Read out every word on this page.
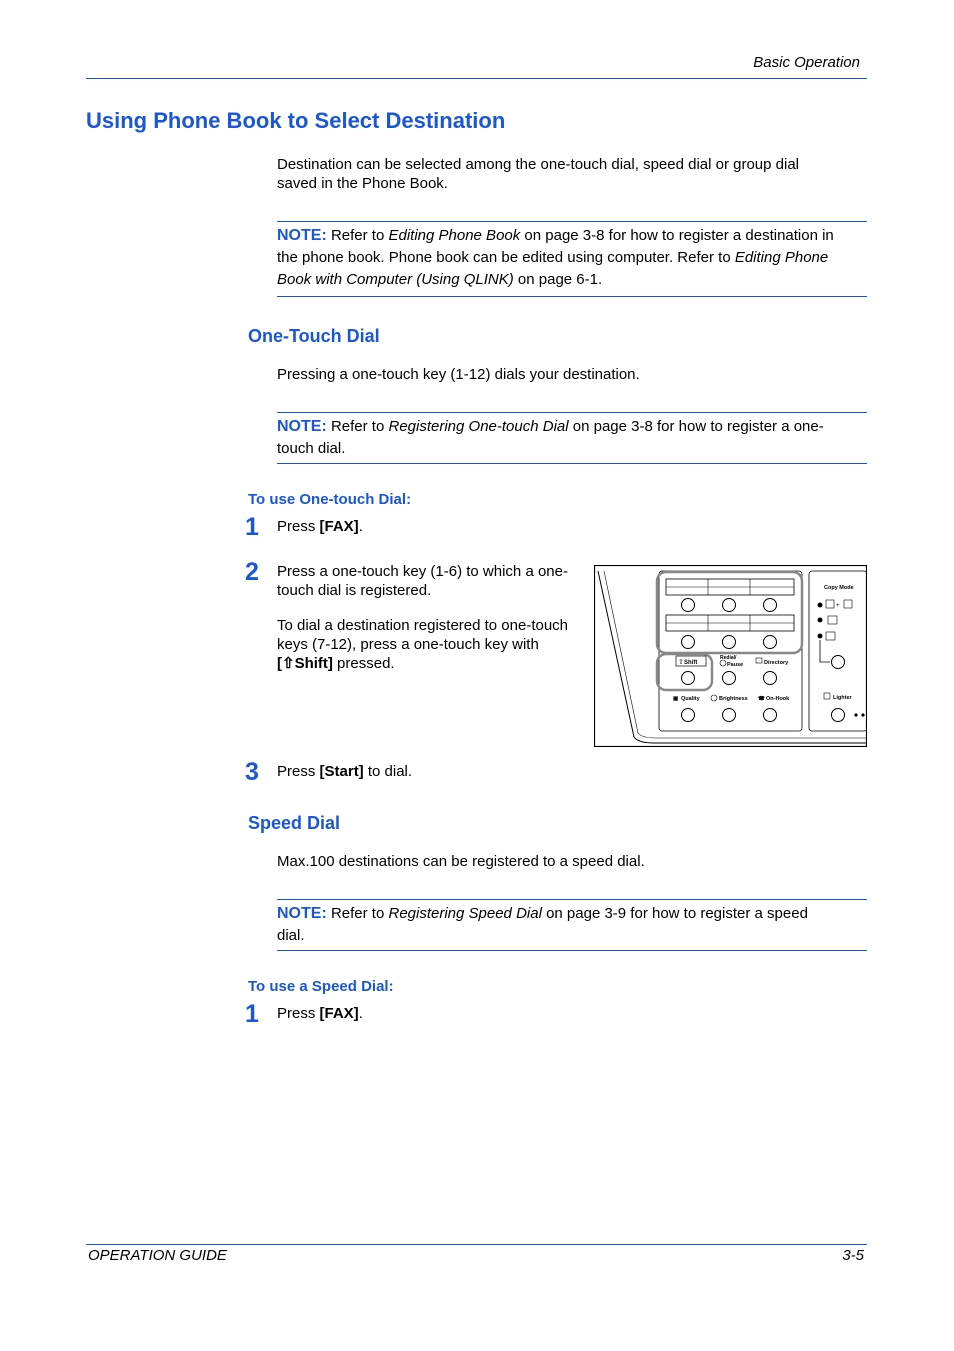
Basic Operation
Using Phone Book to Select Destination
Destination can be selected among the one-touch dial, speed dial or group dial
saved in the Phone Book.
NOTE: Refer to Editing Phone Book on page 3-8 for how to register a destination in
the phone book. Phone book can be edited using computer. Refer to Editing Phone
Book with Computer (Using QLINK) on page 6-1.
One-Touch Dial
Pressing a one-touch key (1-12) dials your destination.
NOTE: Refer to Registering One-touch Dial on page 3-8 for how to register a one-
touch dial.
To use One-touch Dial:
1 Press [FAX].
2 Press a one-touch key (1-6) to which a one-
touch dial is registered.
To dial a destination registered to one-touch
keys (7-12), press a one-touch key with
[⇧Shift] pressed.	Shift
⇧	Redial/
Pause	Directory
▦ Quality	Brightness ☎ On-Hook
Copy Mode
+
Lighter
3 Press [Start] to dial.
Speed Dial
Max.100 destinations can be registered to a speed dial.
NOTE: Refer to Registering Speed Dial on page 3-9 for how to register a speed
dial.
To use a Speed Dial:
1 Press [FAX].
OPERATION GUIDE	3-5
